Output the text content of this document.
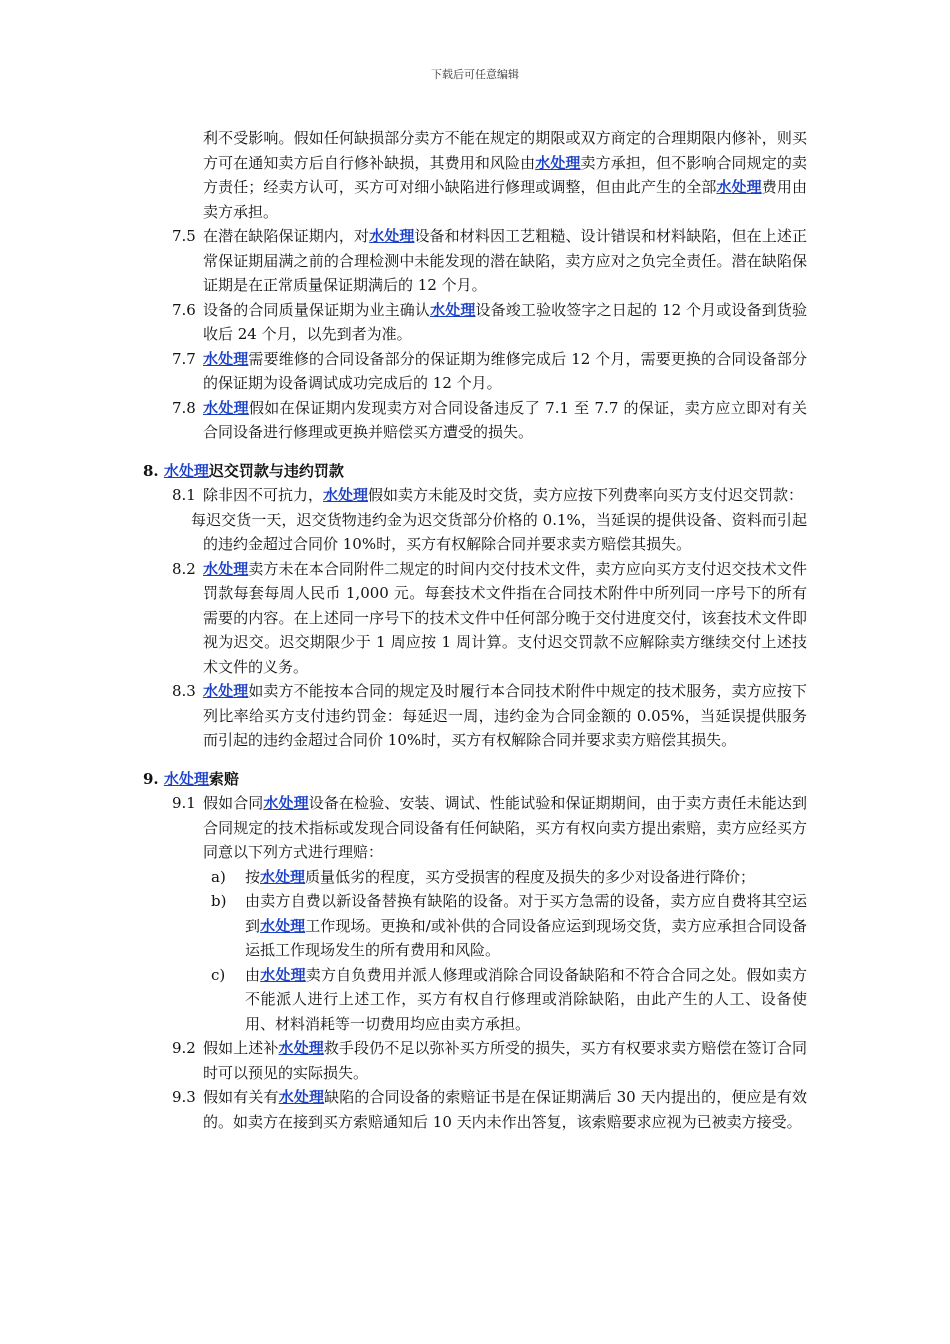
下载后可任意编辑
利不受影响。假如任何缺损部分卖方不能在规定的期限或双方商定的合理期限内修补，则买方可在通知卖方后自行修补缺损，其费用和风险由水处理卖方承担，但不影响合同规定的卖方责任；经卖方认可，买方可对细小缺陷进行修理或调整，但由此产生的全部水处理费用由卖方承担。
7.5 在潜在缺陷保证期内，对水处理设备和材料因工艺粗糙、设计错误和材料缺陷，但在上述正常保证期届满之前的合理检测中未能发现的潜在缺陷，卖方应对之负完全责任。潜在缺陷保证期是在正常质量保证期满后的 12 个月。
7.6 设备的合同质量保证期为业主确认水处理设备竣工验收签字之日起的 12 个月或设备到货验收后 24 个月，以先到者为准。
7.7 水处理需要维修的合同设备部分的保证期为维修完成后 12 个月，需要更换的合同设备部分的保证期为设备调试成功完成后的 12 个月。
7.8 水处理假如在保证期内发现卖方对合同设备违反了 7.1 至 7.7 的保证，卖方应立即对有关合同设备进行修理或更换并赔偿买方遭受的损失。
8. 水处理迟交罚款与违约罚款
8.1 除非因不可抗力，水处理假如卖方未能及时交货，卖方应按下列费率向买方支付迟交罚款：
每迟交货一天，迟交货物违约金为迟交货部分价格的 0.1%，当延误的提供设备、资料而引起的违约金超过合同价 10%时，买方有权解除合同并要求卖方赔偿其损失。
8.2 水处理卖方未在本合同附件二规定的时间内交付技术文件，卖方应向买方支付迟交技术文件罚款每套每周人民币 1,000 元。每套技术文件指在合同技术附件中所列同一序号下的所有需要的内容。在上述同一序号下的技术文件中任何部分晚于交付进度交付，该套技术文件即视为迟交。迟交期限少于 1 周应按 1 周计算。支付迟交罚款不应解除卖方继续交付上述技术文件的义务。
8.3 水处理如卖方不能按本合同的规定及时履行本合同技术附件中规定的技术服务，卖方应按下列比率给买方支付违约罚金：每延迟一周，违约金为合同金额的 0.05%，当延误提供服务而引起的违约金超过合同价 10%时，买方有权解除合同并要求卖方赔偿其损失。
9. 水处理索赔
9.1 假如合同水处理设备在检验、安装、调试、性能试验和保证期期间，由于卖方责任未能达到合同规定的技术指标或发现合同设备有任何缺陷，买方有权向卖方提出索赔，卖方应经买方同意以下列方式进行理赔：
a) 按水处理质量低劣的程度，买方受损害的程度及损失的多少对设备进行降价；
b) 由卖方自费以新设备替换有缺陷的设备。对于买方急需的设备，卖方应自费将其空运到水处理工作现场。更换和/或补供的合同设备应运到现场交货，卖方应承担合同设备运抵工作现场发生的所有费用和风险。
c) 由水处理卖方自负费用并派人修理或消除合同设备缺陷和不符合合同之处。假如卖方不能派人进行上述工作，买方有权自行修理或消除缺陷，由此产生的人工、设备使用、材料消耗等一切费用均应由卖方承担。
9.2 假如上述补水处理救手段仍不足以弥补买方所受的损失，买方有权要求卖方赔偿在签订合同时可以预见的实际损失。
9.3 假如有关有水处理缺陷的合同设备的索赔证书是在保证期满后 30 天内提出的，便应是有效的。如卖方在接到买方索赔通知后 10 天内未作出答复，该索赔要求应视为已被卖方接受。
